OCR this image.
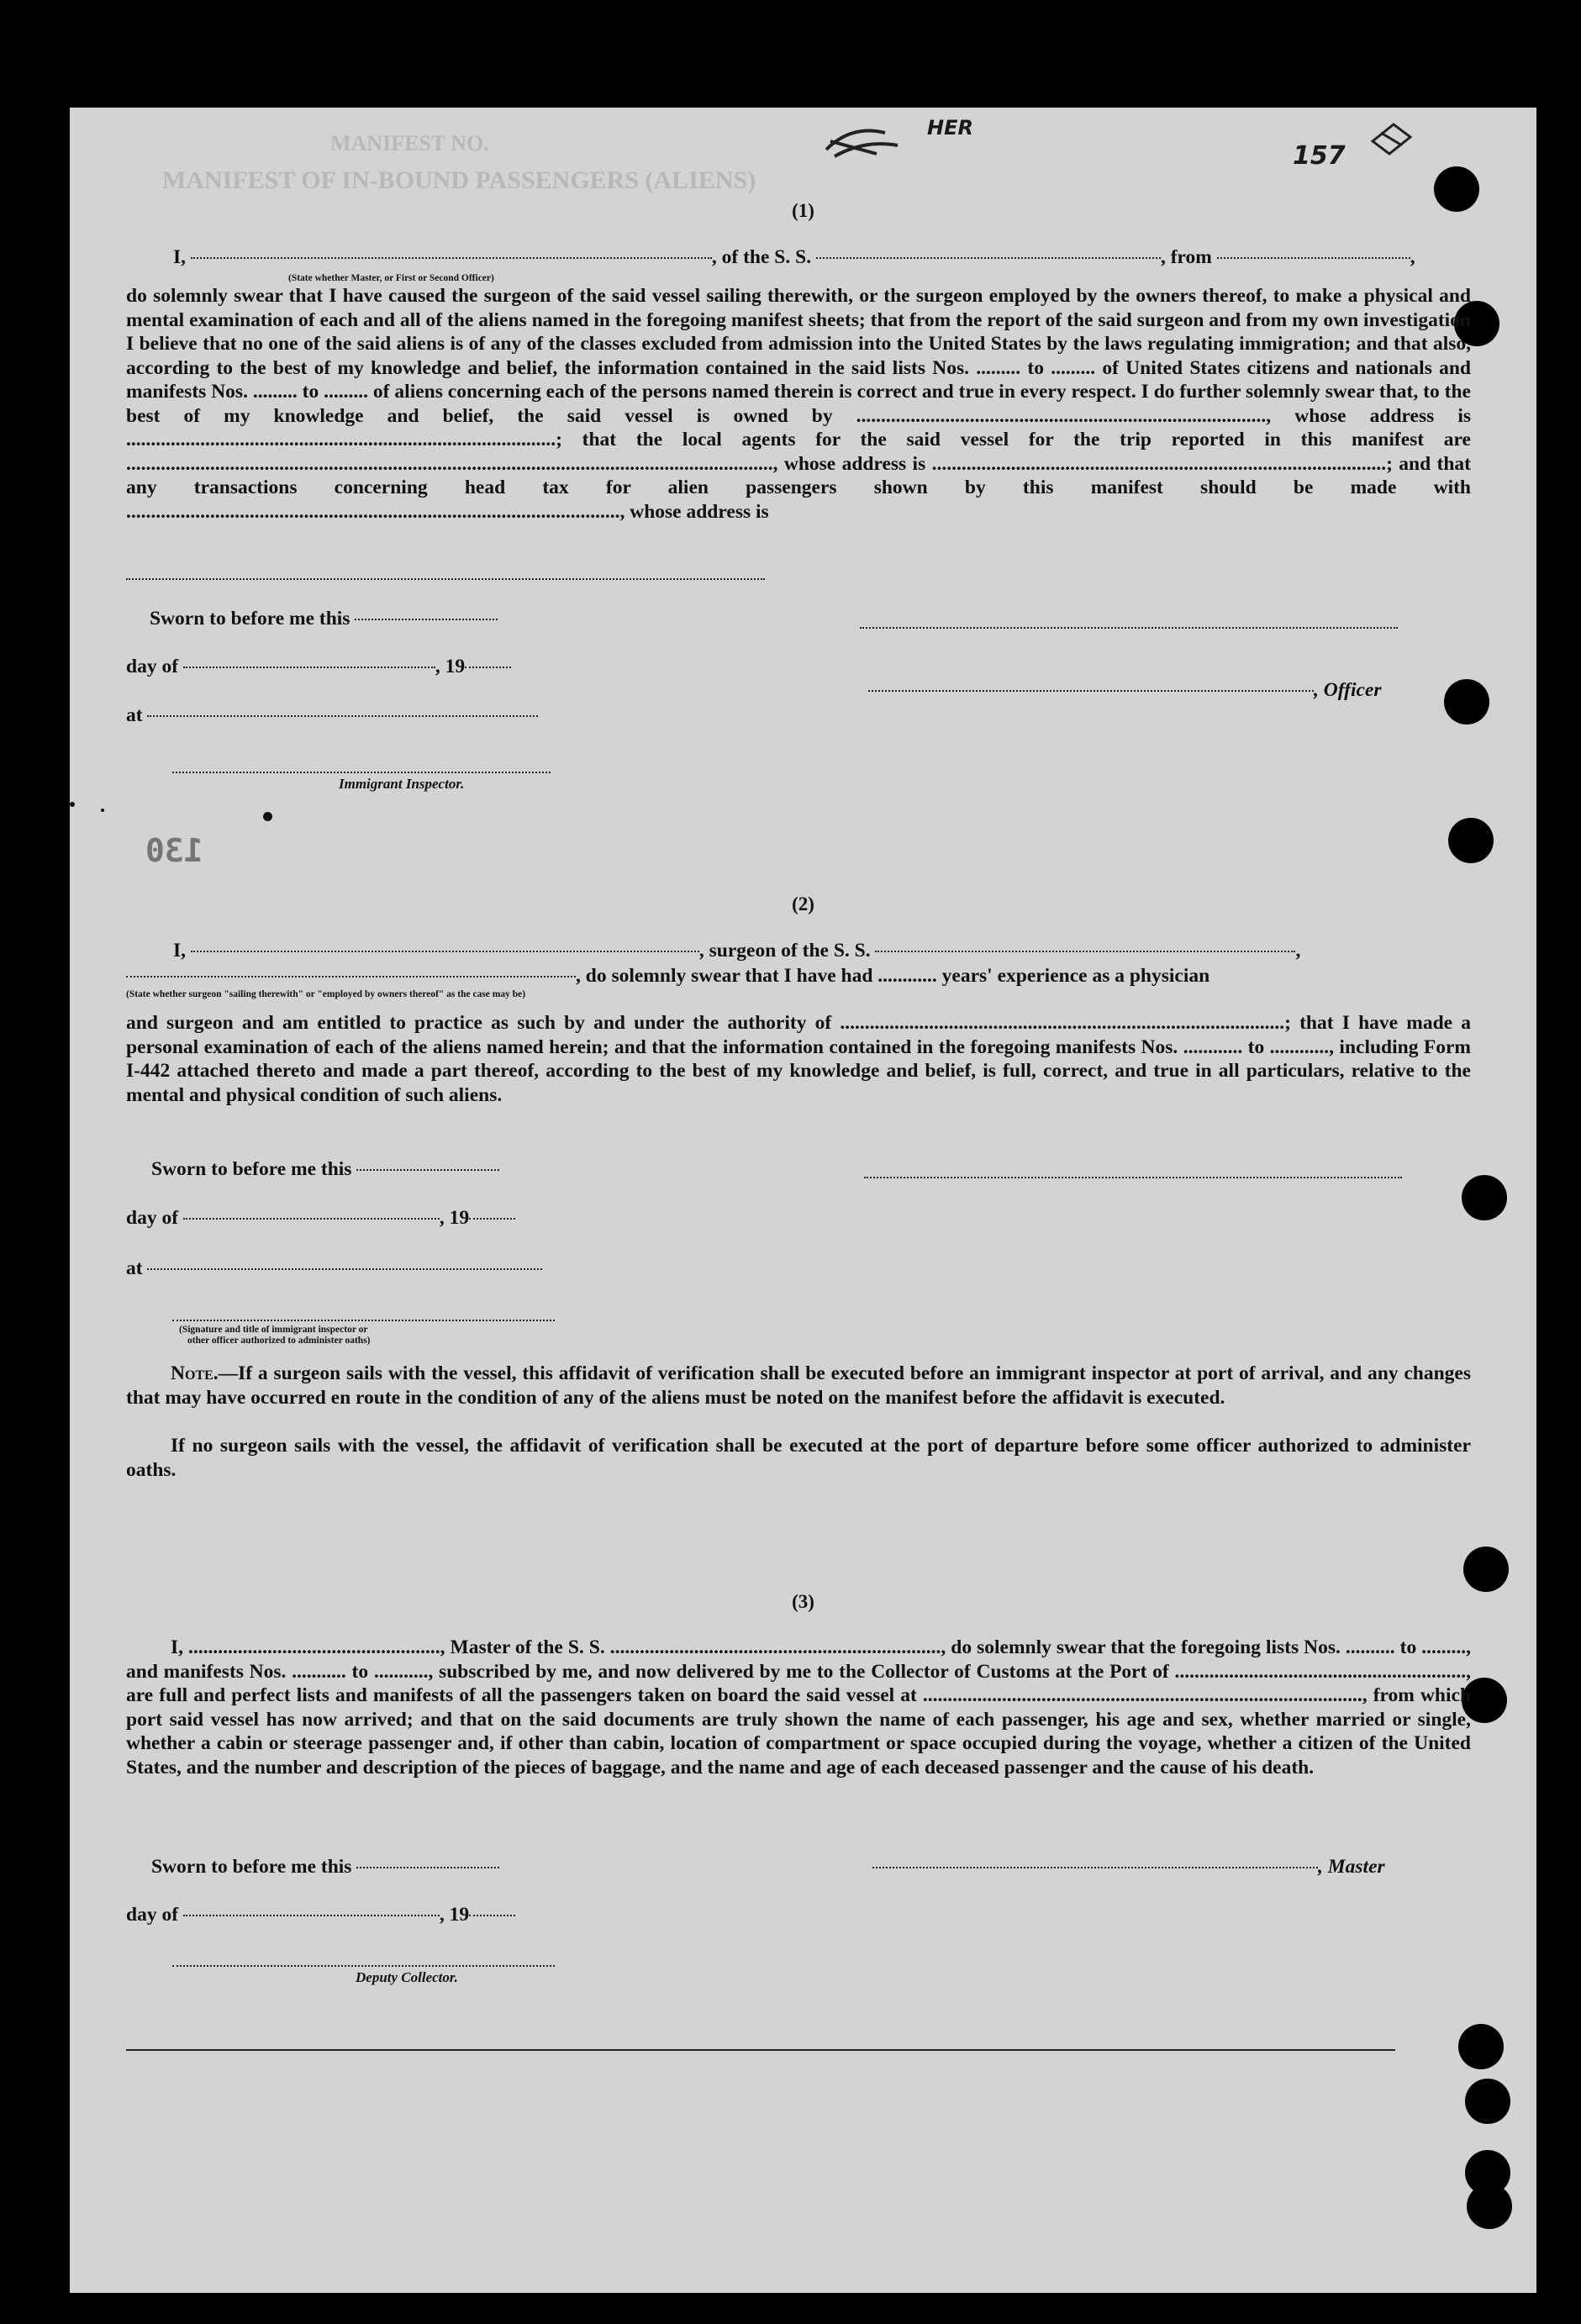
MANIFEST NO.
MANIFEST OF IN-BOUND PASSENGERS (ALIENS)
HER
157
(1)
I,	, of the S. S.	, from	,
(State whether Master, or First or Second Officer)
do solemnly swear that I have caused the surgeon of the said vessel sailing therewith, or the surgeon employed by the owners thereof, to make a physical and mental examination of each and all of the aliens named in the foregoing manifest sheets; that from the report of the said surgeon and from my own investigation I believe that no one of the said aliens is of any of the classes excluded from admission into the United States by the laws regulating immigration; and that also, according to the best of my knowledge and belief, the information contained in the said lists Nos. ......... to ......... of United States citizens and nationals and manifests Nos. ......... to ......... of aliens concerning each of the persons named therein is correct and true in every respect. I do further solemnly swear that, to the best of my knowledge and belief, the said vessel is owned by ..................................................................................., whose address is .......................................................................................; that the local agents for the said vessel for the trip reported in this manifest are ..................................................................................................................................., whose address is ............................................................................................; and that any transactions concerning head tax for alien passengers shown by this manifest should be made with ...................................................................................................., whose address is
Sworn to before me this
day of	, 19
, Officer
at
Immigrant Inspector.
130
(2)
I,	, surgeon of the S. S.	,
, do solemnly swear that I have had ............ years' experience as a physician
(State whether surgeon "sailing therewith" or "employed by owners thereof" as the case may be)
and surgeon and am entitled to practice as such by and under the authority of ..........................................................................................; that I have made a personal examination of each of the aliens named herein; and that the information contained in the foregoing manifests Nos. ............ to ............, including Form I-442 attached thereto and made a part thereof, according to the best of my knowledge and belief, is full, correct, and true in all particulars, relative to the mental and physical condition of such aliens.
Sworn to before me this
day of	, 19
at
(Signature and title of immigrant inspector or
other officer authorized to administer oaths)
Note.—If a surgeon sails with the vessel, this affidavit of verification shall be executed before an immigrant inspector at port of arrival, and any changes that may have occurred en route in the condition of any of the aliens must be noted on the manifest before the affidavit is executed.
If no surgeon sails with the vessel, the affidavit of verification shall be executed at the port of departure before some officer authorized to administer oaths.
(3)
I, ..................................................., Master of the S. S. ..................................................................., do solemnly swear that the foregoing lists Nos. .......... to ........., and manifests Nos. ........... to ..........., subscribed by me, and now delivered by me to the Collector of Customs at the Port of ..........................................................., are full and perfect lists and manifests of all the passengers taken on board the said vessel at ........................................................................................., from which port said vessel has now arrived; and that on the said documents are truly shown the name of each passenger, his age and sex, whether married or single, whether a cabin or steerage passenger and, if other than cabin, location of compartment or space occupied during the voyage, whether a citizen of the United States, and the number and description of the pieces of baggage, and the name and age of each deceased passenger and the cause of his death.
Sworn to before me this	, Master
day of	, 19
Deputy Collector.
